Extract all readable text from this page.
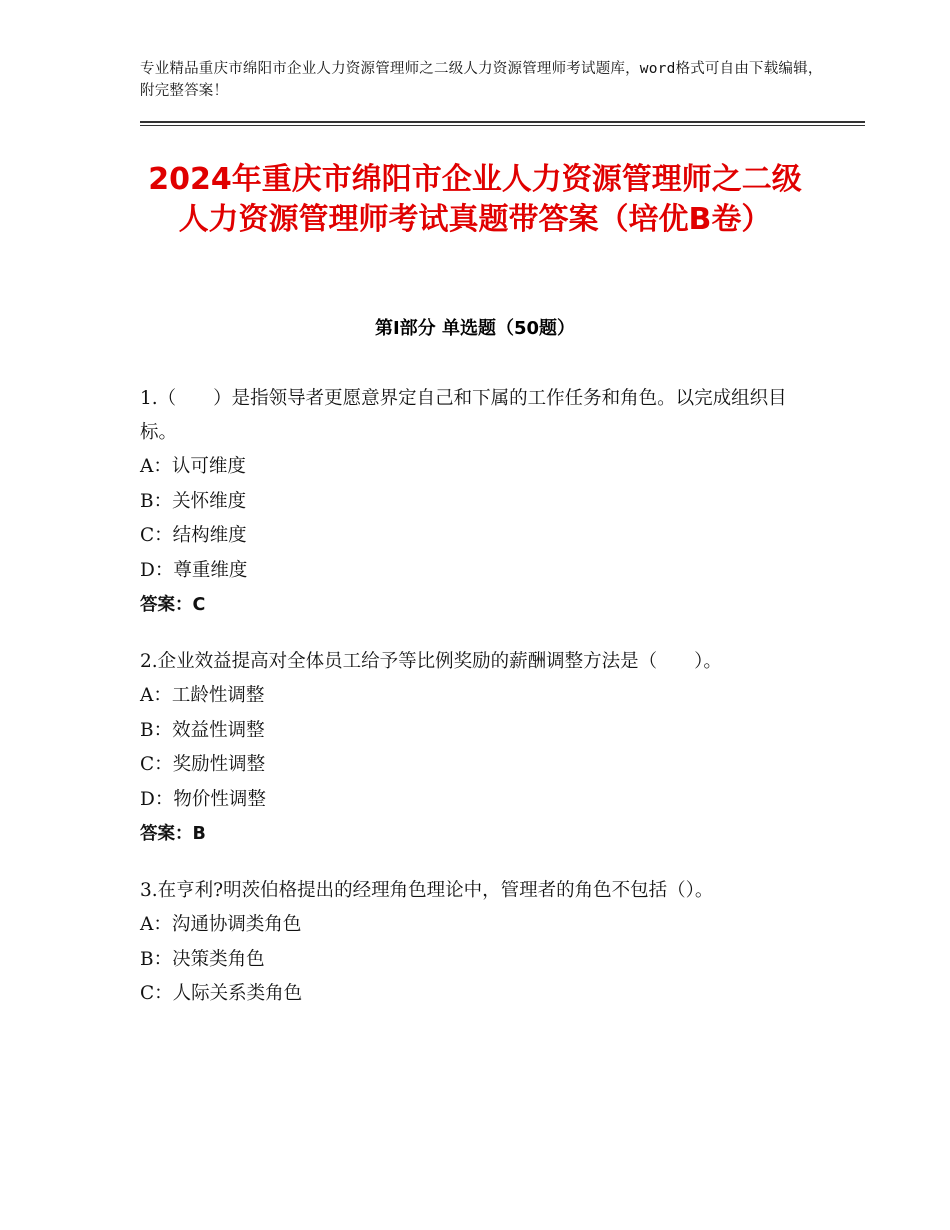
专业精品重庆市绵阳市企业人力资源管理师之二级人力资源管理师考试题库，word格式可自由下载编辑，附完整答案！
2024年重庆市绵阳市企业人力资源管理师之二级人力资源管理师考试真题带答案（培优B卷）
第Ⅰ部分 单选题（50题）
1.（　　）是指领导者更愿意界定自己和下属的工作任务和角色。以完成组织目标。
A：认可维度
B：关怀维度
C：结构维度
D：尊重维度
答案：C
2.企业效益提高对全体员工给予等比例奖励的薪酬调整方法是（　　）。
A：工龄性调整
B：效益性调整
C：奖励性调整
D：物价性调整
答案：B
3.在亨利?明茨伯格提出的经理角色理论中，管理者的角色不包括（）。
A：沟通协调类角色
B：决策类角色
C：人际关系类角色
